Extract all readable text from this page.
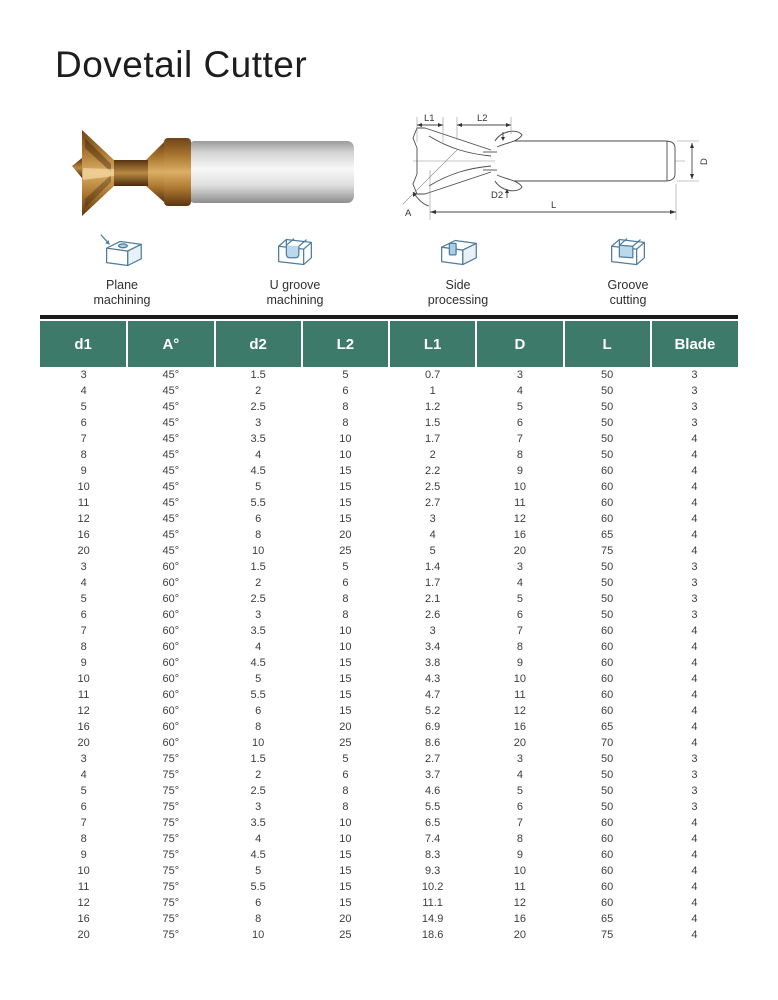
Dovetail Cutter
L1	L2
D2
D
L
A
Plane
machining
U groove
machining
Side
processing
Groove
cutting
d1	A°	d2	L2	L1	D	L	Blade
3	45°	1.5	5	0.7	3	50	3
4	45°	2	6	1	4	50	3
5	45°	2.5	8	1.2	5	50	3
6	45°	3	8	1.5	6	50	3
7	45°	3.5	10	1.7	7	50	4
8	45°	4	10	2	8	50	4
9	45°	4.5	15	2.2	9	60	4
10	45°	5	15	2.5	10	60	4
11	45°	5.5	15	2.7	11	60	4
12	45°	6	15	3	12	60	4
16	45°	8	20	4	16	65	4
20	45°	10	25	5	20	75	4
3	60°	1.5	5	1.4	3	50	3
4	60°	2	6	1.7	4	50	3
5	60°	2.5	8	2.1	5	50	3
6	60°	3	8	2.6	6	50	3
7	60°	3.5	10	3	7	60	4
8	60°	4	10	3.4	8	60	4
9	60°	4.5	15	3.8	9	60	4
10	60°	5	15	4.3	10	60	4
11	60°	5.5	15	4.7	11	60	4
12	60°	6	15	5.2	12	60	4
16	60°	8	20	6.9	16	65	4
20	60°	10	25	8.6	20	70	4
3	75°	1.5	5	2.7	3	50	3
4	75°	2	6	3.7	4	50	3
5	75°	2.5	8	4.6	5	50	3
6	75°	3	8	5.5	6	50	3
7	75°	3.5	10	6.5	7	60	4
8	75°	4	10	7.4	8	60	4
9	75°	4.5	15	8.3	9	60	4
10	75°	5	15	9.3	10	60	4
11	75°	5.5	15	10.2	11	60	4
12	75°	6	15	11.1	12	60	4
16	75°	8	20	14.9	16	65	4
20	75°	10	25	18.6	20	75	4
